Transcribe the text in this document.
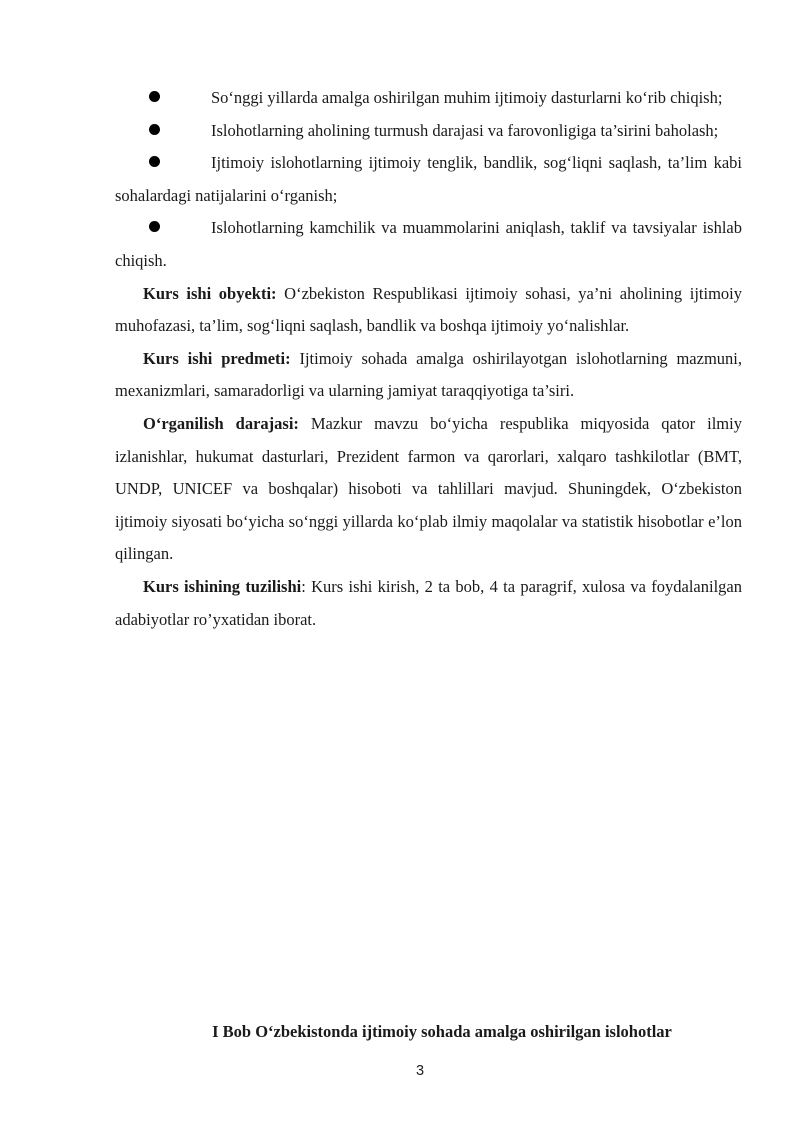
So‘nggi yillarda amalga oshirilgan muhim ijtimoiy dasturlarni ko‘rib chiqish;

Islohotlarning aholining turmush darajasi va farovonligiga ta’sirini baholash;

Ijtimoiy islohotlarning ijtimoiy tenglik, bandlik, sog‘liqni saqlash, ta’lim kabi sohalardagi natijalarini o‘rganish;

Islohotlarning kamchilik va muammolarini aniqlash, taklif va tavsiyalar ishlab chiqish.

Kurs ishi obyekti: O‘zbekiston Respublikasi ijtimoiy sohasi, ya’ni aholining ijtimoiy muhofazasi, ta’lim, sog‘liqni saqlash, bandlik va boshqa ijtimoiy yo‘nalishlar.

Kurs ishi predmeti: Ijtimoiy sohada amalga oshirilayotgan islohotlarning mazmuni, mexanizmlari, samaradorligi va ularning jamiyat taraqqiyotiga ta’siri.

O‘rganilish darajasi: Mazkur mavzu bo‘yicha respublika miqyosida qator ilmiy izlanishlar, hukumat dasturlari, Prezident farmon va qarorlari, xalqaro tashkilotlar (BMT, UNDP, UNICEF va boshqalar) hisoboti va tahlillari mavjud. Shuningdek, O‘zbekiston ijtimoiy siyosati bo‘yicha so‘nggi yillarda ko‘plab ilmiy maqolalar va statistik hisobotlar e’lon qilingan.

Kurs ishining tuzilishi: Kurs ishi kirish, 2 ta bob, 4 ta paragrif, xulosa va foydalanilgan adabiyotlar ro’yxatidan iborat.

I Bob O‘zbekistonda ijtimoiy sohada amalga oshirilgan islohotlar

3
